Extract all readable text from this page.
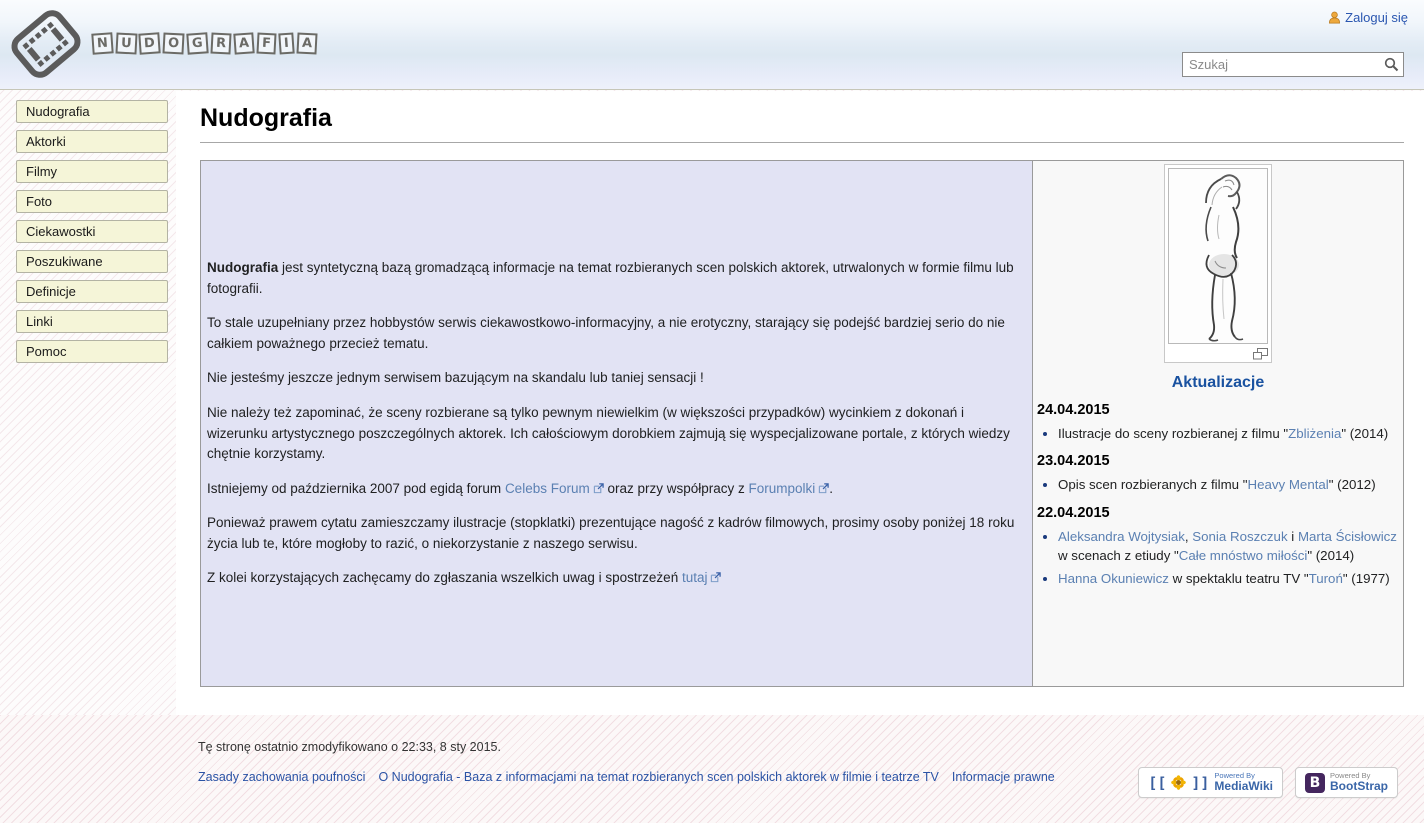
N U D O G R A F I A
Zaloguj się
Szukaj
Nudografia
Aktorki
Filmy
Foto
Ciekawostki
Poszukiwane
Definicje
Linki
Pomoc
Nudografia

Nudografia jest syntetyczną bazą gromadzącą informacje na temat rozbieranych scen polskich aktorek, utrwalonych w formie filmu lub fotografii.

To stale uzupełniany przez hobbystów serwis ciekawostkowo-informacyjny, a nie erotyczny, starający się podejść bardziej serio do nie całkiem poważnego przecież tematu.

Nie jesteśmy jeszcze jednym serwisem bazującym na skandalu lub taniej sensacji !

Nie należy też zapominać, że sceny rozbierane są tylko pewnym niewielkim (w większości przypadków) wycinkiem z dokonań i wizerunku artystycznego poszczególnych aktorek. Ich całościowym dorobkiem zajmują się wyspecjalizowane portale, z których wiedzy chętnie korzystamy.

Istniejemy od października 2007 pod egidą forum Celebs Forum oraz przy współpracy z Forumpolki .

Ponieważ prawem cytatu zamieszczamy ilustracje (stopklatki) prezentujące nagość z kadrów filmowych, prosimy osoby poniżej 18 roku życia lub te, które mogłoby to razić, o niekorzystanie z naszego serwisu.

Z kolei korzystających zachęcamy do zgłaszania wszelkich uwag i spostrzeżeń tutaj

Aktualizacje
24.04.2015
• Ilustracje do sceny rozbieranej z filmu "Zbliżenia" (2014)
23.04.2015
• Opis scen rozbieranych z filmu "Heavy Mental" (2012)
22.04.2015
• Aleksandra Wojtysiak, Sonia Roszczuk i Marta Ścisłowicz w scenach z etiudy "Całe mnóstwo miłości" (2014)
• Hanna Okuniewicz w spektaklu teatru TV "Turoń" (1977)
Tę stronę ostatnio zmodyfikowano o 22:33, 8 sty 2015.
Zasady zachowania poufności O Nudografia - Baza z informacjami na temat rozbieranych scen polskich aktorek w filmie i teatrze TV Informacje prawne	[[ ]] Powered By
MediaWiki	B	Powered By
BootStrap
